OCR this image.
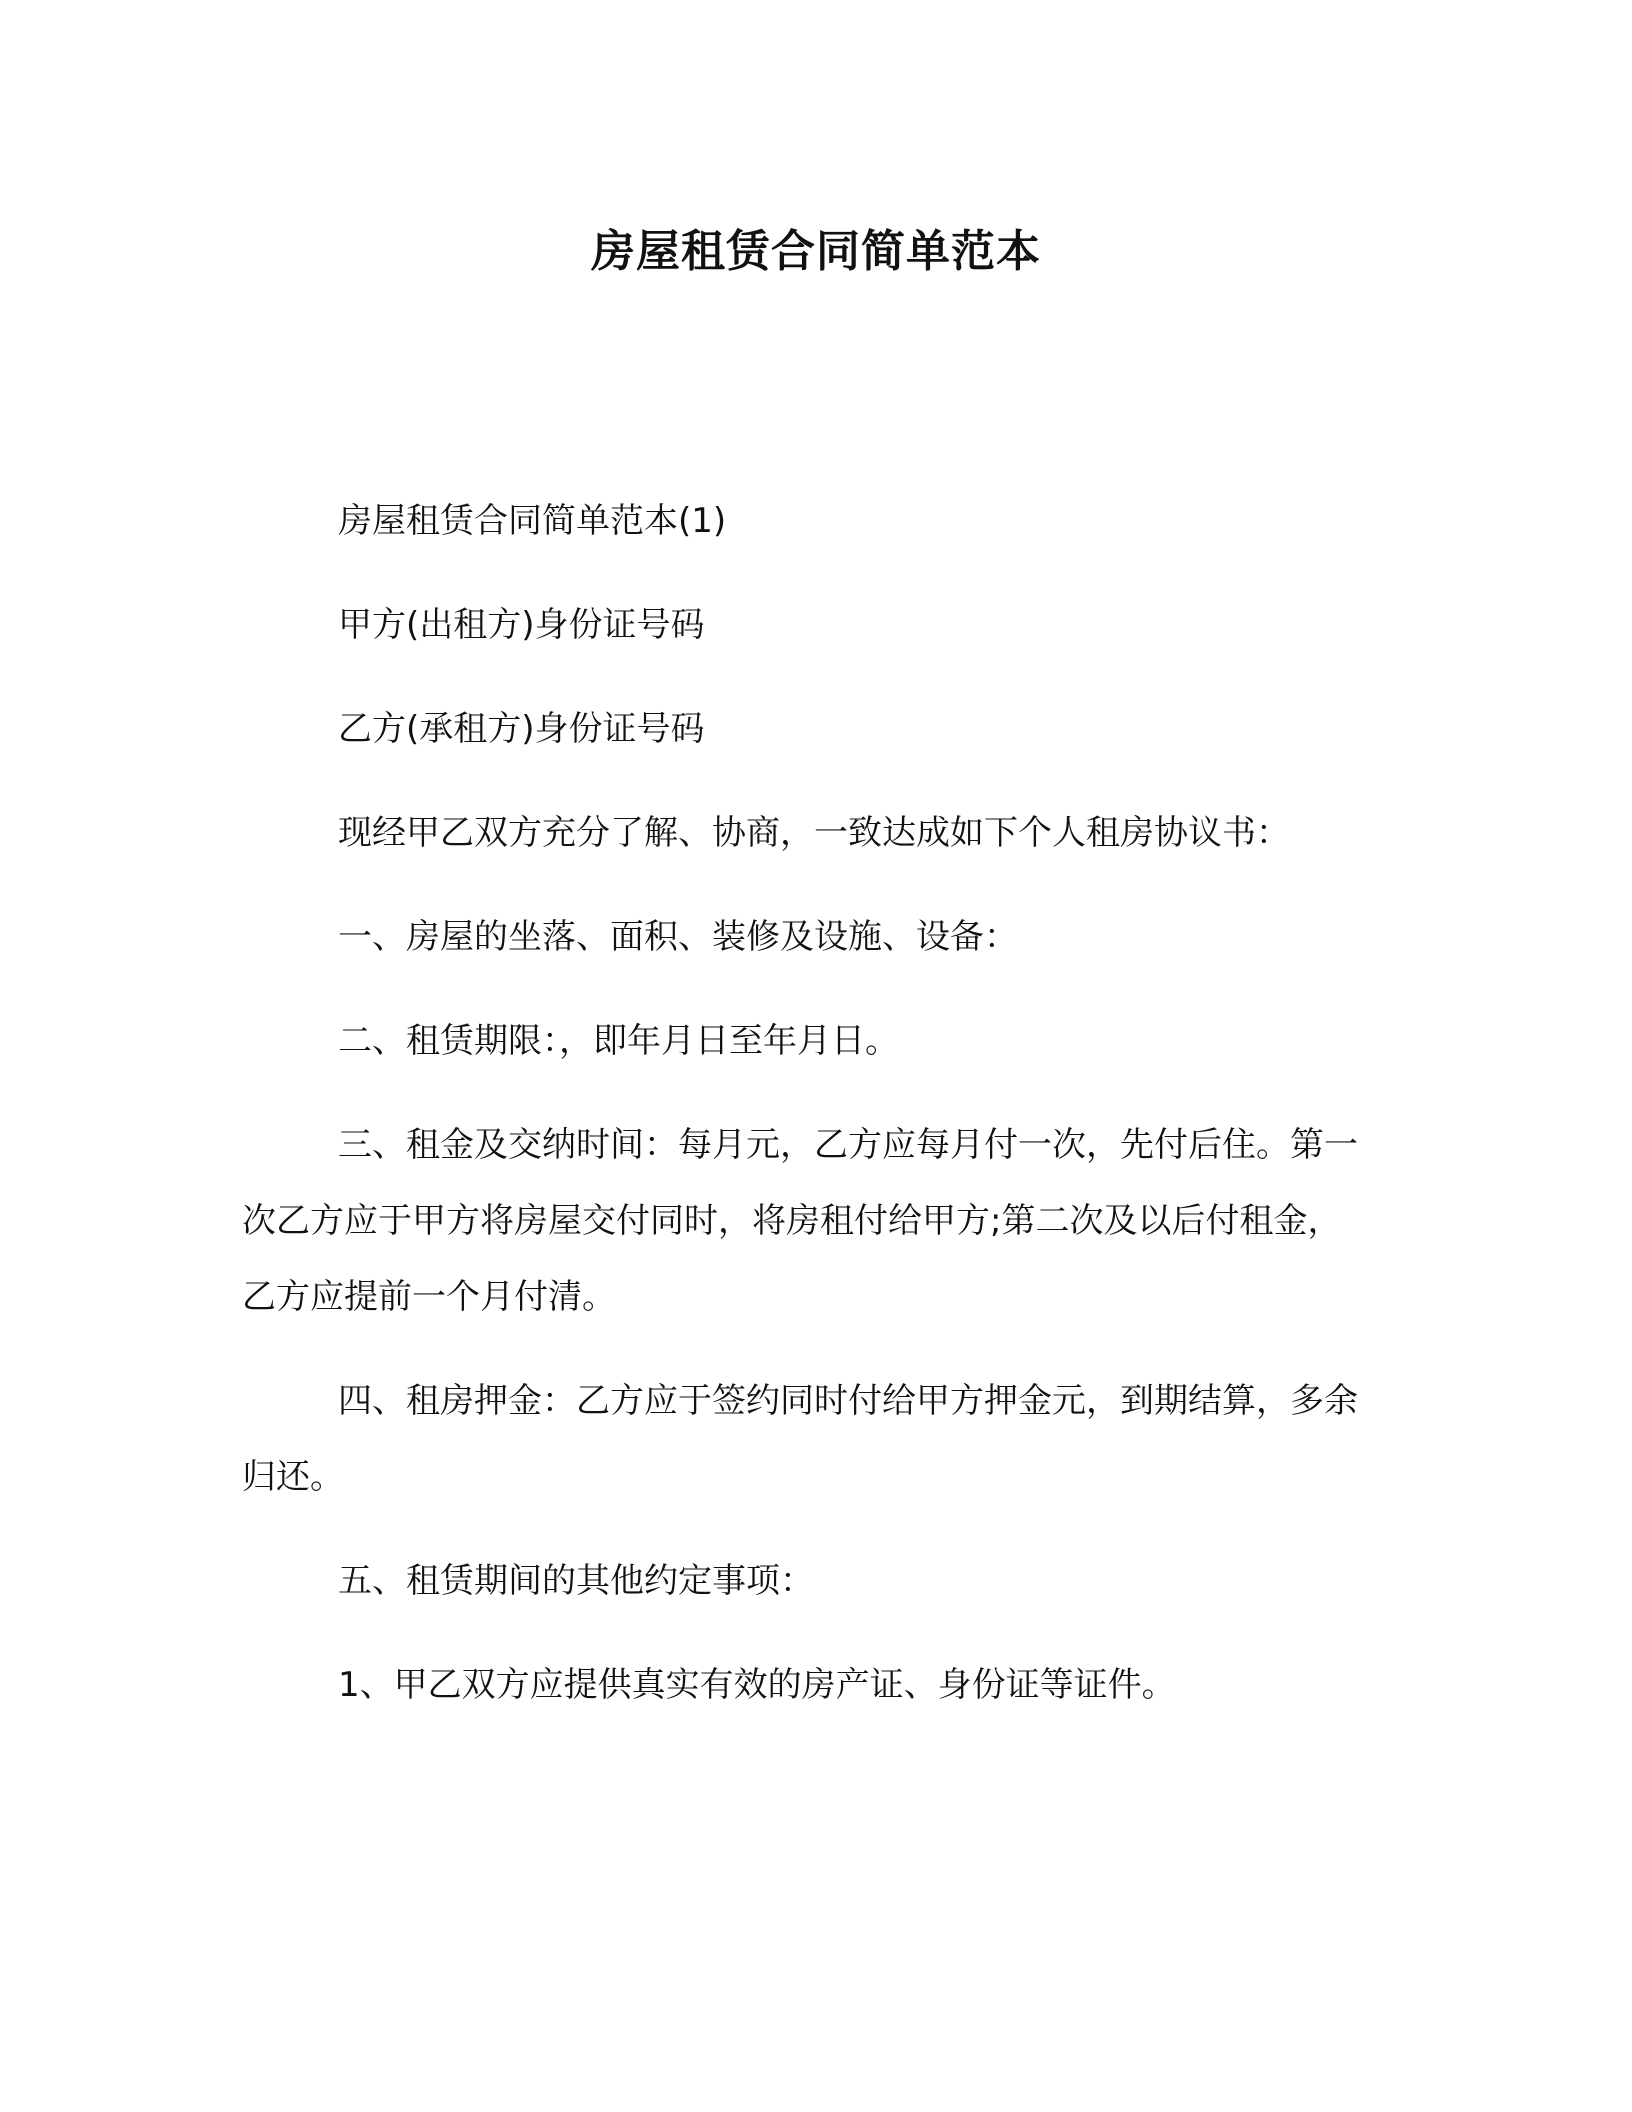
房屋租赁合同简单范本

房屋租赁合同简单范本(1)

甲方(出租方)身份证号码

乙方(承租方)身份证号码

现经甲乙双方充分了解、协商，一致达成如下个人租房协议书：

一、房屋的坐落、面积、装修及设施、设备：

二、租赁期限：，即年月日至年月日。

三、租金及交纳时间：每月元，乙方应每月付一次，先付后住。第一次乙方应于甲方将房屋交付同时，将房租付给甲方;第二次及以后付租金，乙方应提前一个月付清。

四、租房押金：乙方应于签约同时付给甲方押金元，到期结算，多余归还。

五、租赁期间的其他约定事项：

1、甲乙双方应提供真实有效的房产证、身份证等证件。
